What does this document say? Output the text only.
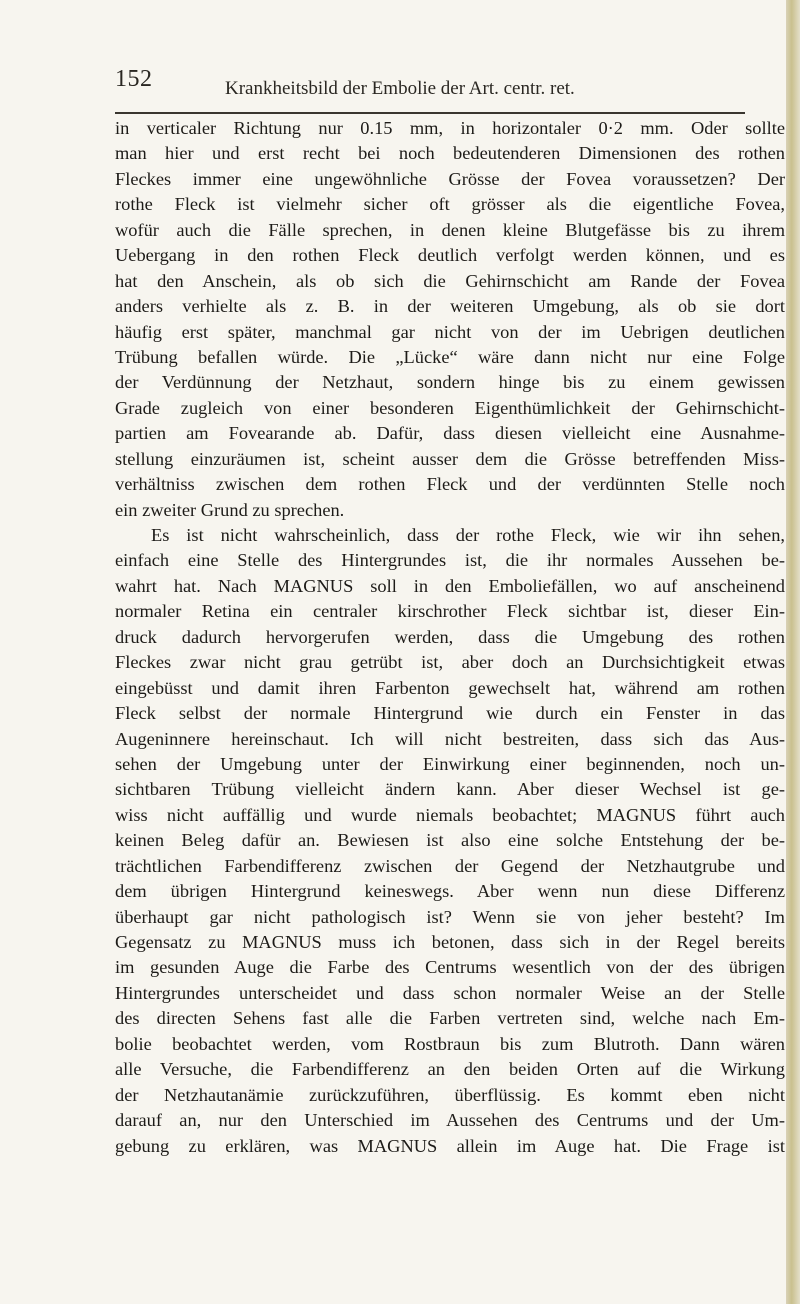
152	Krankheitsbild der Embolie der Art. centr. ret.
in verticaler Richtung nur 0.15 mm, in horizontaler 0·2 mm. Oder sollte
man hier und erst recht bei noch bedeutenderen Dimensionen des rothen
Fleckes immer eine ungewöhnliche Grösse der Fovea voraussetzen? Der
rothe Fleck ist vielmehr sicher oft grösser als die eigentliche Fovea,
wofür auch die Fälle sprechen, in denen kleine Blutgefässe bis zu ihrem
Uebergang in den rothen Fleck deutlich verfolgt werden können, und es
hat den Anschein, als ob sich die Gehirnschicht am Rande der Fovea
anders verhielte als z. B. in der weiteren Umgebung, als ob sie dort
häufig erst später, manchmal gar nicht von der im Uebrigen deutlichen
Trübung befallen würde. Die „Lücke“ wäre dann nicht nur eine Folge
der Verdünnung der Netzhaut, sondern hinge bis zu einem gewissen
Grade zugleich von einer besonderen Eigenthümlichkeit der Gehirnschicht-
partien am Fovearande ab. Dafür, dass diesen vielleicht eine Ausnahme-
stellung einzuräumen ist, scheint ausser dem die Grösse betreffenden Miss-
verhältniss zwischen dem rothen Fleck und der verdünnten Stelle noch
ein zweiter Grund zu sprechen.
Es ist nicht wahrscheinlich, dass der rothe Fleck, wie wir ihn sehen,
einfach eine Stelle des Hintergrundes ist, die ihr normales Aussehen be-
wahrt hat. Nach MAGNUS soll in den Emboliefällen, wo auf anscheinend
normaler Retina ein centraler kirschrother Fleck sichtbar ist, dieser Ein-
druck dadurch hervorgerufen werden, dass die Umgebung des rothen
Fleckes zwar nicht grau getrübt ist, aber doch an Durchsichtigkeit etwas
eingebüsst und damit ihren Farbenton gewechselt hat, während am rothen
Fleck selbst der normale Hintergrund wie durch ein Fenster in das
Augeninnere hereinschaut. Ich will nicht bestreiten, dass sich das Aus-
sehen der Umgebung unter der Einwirkung einer beginnenden, noch un-
sichtbaren Trübung vielleicht ändern kann. Aber dieser Wechsel ist ge-
wiss nicht auffällig und wurde niemals beobachtet; MAGNUS führt auch
keinen Beleg dafür an. Bewiesen ist also eine solche Entstehung der be-
trächtlichen Farbendifferenz zwischen der Gegend der Netzhautgrube und
dem übrigen Hintergrund keineswegs. Aber wenn nun diese Differenz
überhaupt gar nicht pathologisch ist? Wenn sie von jeher besteht? Im
Gegensatz zu MAGNUS muss ich betonen, dass sich in der Regel bereits
im gesunden Auge die Farbe des Centrums wesentlich von der des übrigen
Hintergrundes unterscheidet und dass schon normaler Weise an der Stelle
des directen Sehens fast alle die Farben vertreten sind, welche nach Em-
bolie beobachtet werden, vom Rostbraun bis zum Blutroth. Dann wären
alle Versuche, die Farbendifferenz an den beiden Orten auf die Wirkung
der Netzhautanämie zurückzuführen, überflüssig. Es kommt eben nicht
darauf an, nur den Unterschied im Aussehen des Centrums und der Um-
gebung zu erklären, was MAGNUS allein im Auge hat. Die Frage ist
